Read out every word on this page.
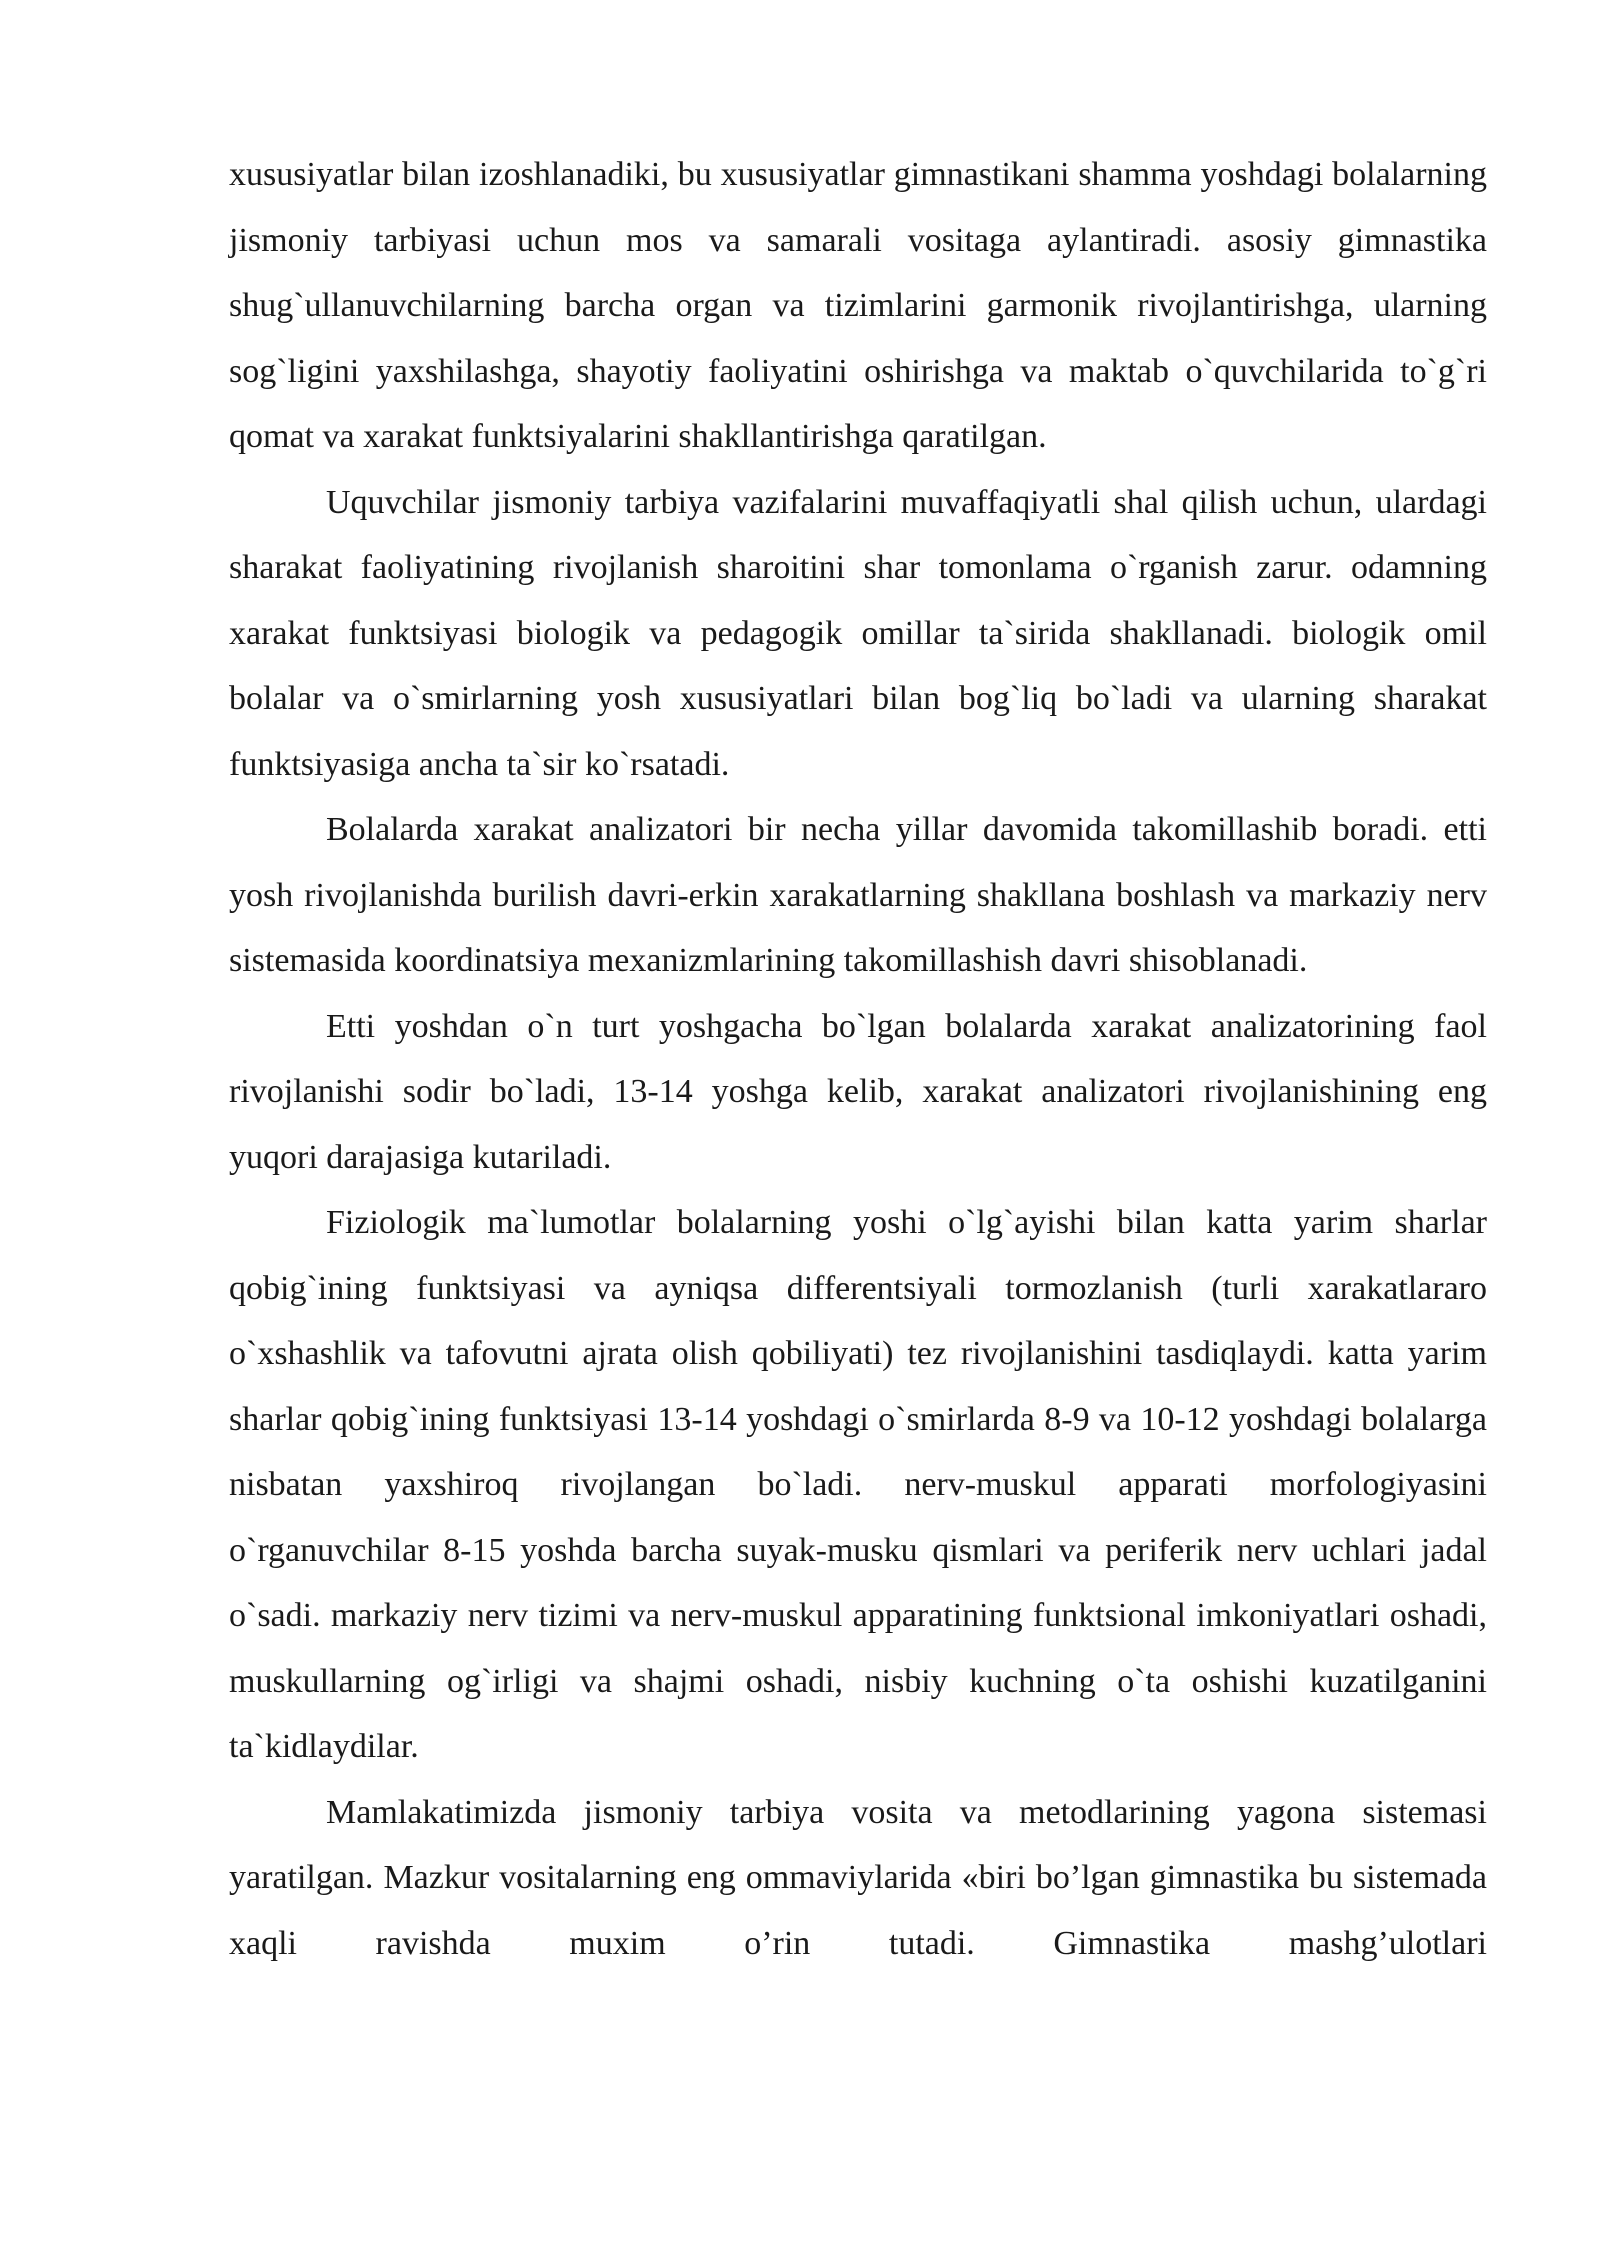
xususiyatlar bilan izoshlanadiki, bu xususiyatlar gimnastikani shamma yoshdagi bolalarning jismoniy tarbiyasi uchun mos va samarali vositaga aylantiradi. asosiy gimnastika shug`ullanuvchilarning barcha organ va tizimlarini garmonik rivojlantirishga, ularning sog`ligini yaxshilashga, shayotiy faoliyatini oshirishga va maktab o`quvchilarida to`g`ri qomat va xarakat funktsiyalarini shakllantirishga qaratilgan.

Uquvchilar jismoniy tarbiya vazifalarini muvaffaqiyatli shal qilish uchun, ulardagi sharakat faoliyatining rivojlanish sharoitini shar tomonlama o`rganish zarur. odamning xarakat funktsiyasi biologik va pedagogik omillar ta`sirida shakllanadi. biologik omil bolalar va o`smirlarning yosh xususiyatlari bilan bog`liq bo`ladi va ularning sharakat funktsiyasiga ancha ta`sir ko`rsatadi.

Bolalarda xarakat analizatori bir necha yillar davomida takomillashib boradi. etti yosh rivojlanishda burilish davri-erkin xarakatlarning shakllana boshlash va markaziy nerv sistemasida koordinatsiya mexanizmlarining takomillashish davri shisoblanadi.

Etti yoshdan o`n turt yoshgacha bo`lgan bolalarda xarakat analizatorining faol rivojlanishi sodir bo`ladi, 13-14 yoshga kelib, xarakat analizatori rivojlanishining eng yuqori darajasiga kutariladi.

Fiziologik ma`lumotlar bolalarning yoshi o`lg`ayishi bilan katta yarim sharlar qobig`ining funktsiyasi va ayniqsa differentsiyali tormozlanish (turli xarakatlararo o`xshashlik va tafovutni ajrata olish qobiliyati) tez rivojlanishini tasdiqlaydi. katta yarim sharlar qobig`ining funktsiyasi 13-14 yoshdagi o`smirlarda 8-9 va 10-12 yoshdagi bolalarga nisbatan yaxshiroq rivojlangan bo`ladi. nerv-muskul apparati morfologiyasini o`rganuvchilar 8-15 yoshda barcha suyak-musku qismlari va periferik nerv uchlari jadal o`sadi. markaziy nerv tizimi va nerv-muskul apparatining funktsional imkoniyatlari oshadi, muskullarning og`irligi va shajmi oshadi, nisbiy kuchning o`ta oshishi kuzatilganini ta`kidlaydilar.

Mamlakatimizda jismoniy tarbiya vosita va metodlarining yagona sistemasi yaratilgan. Mazkur vositalarning eng ommaviylarida «biri bo’lgan gimnastika bu sistemada xaqli ravishda muxim o’rin tutadi. Gimnastika mashg’ulotlari
